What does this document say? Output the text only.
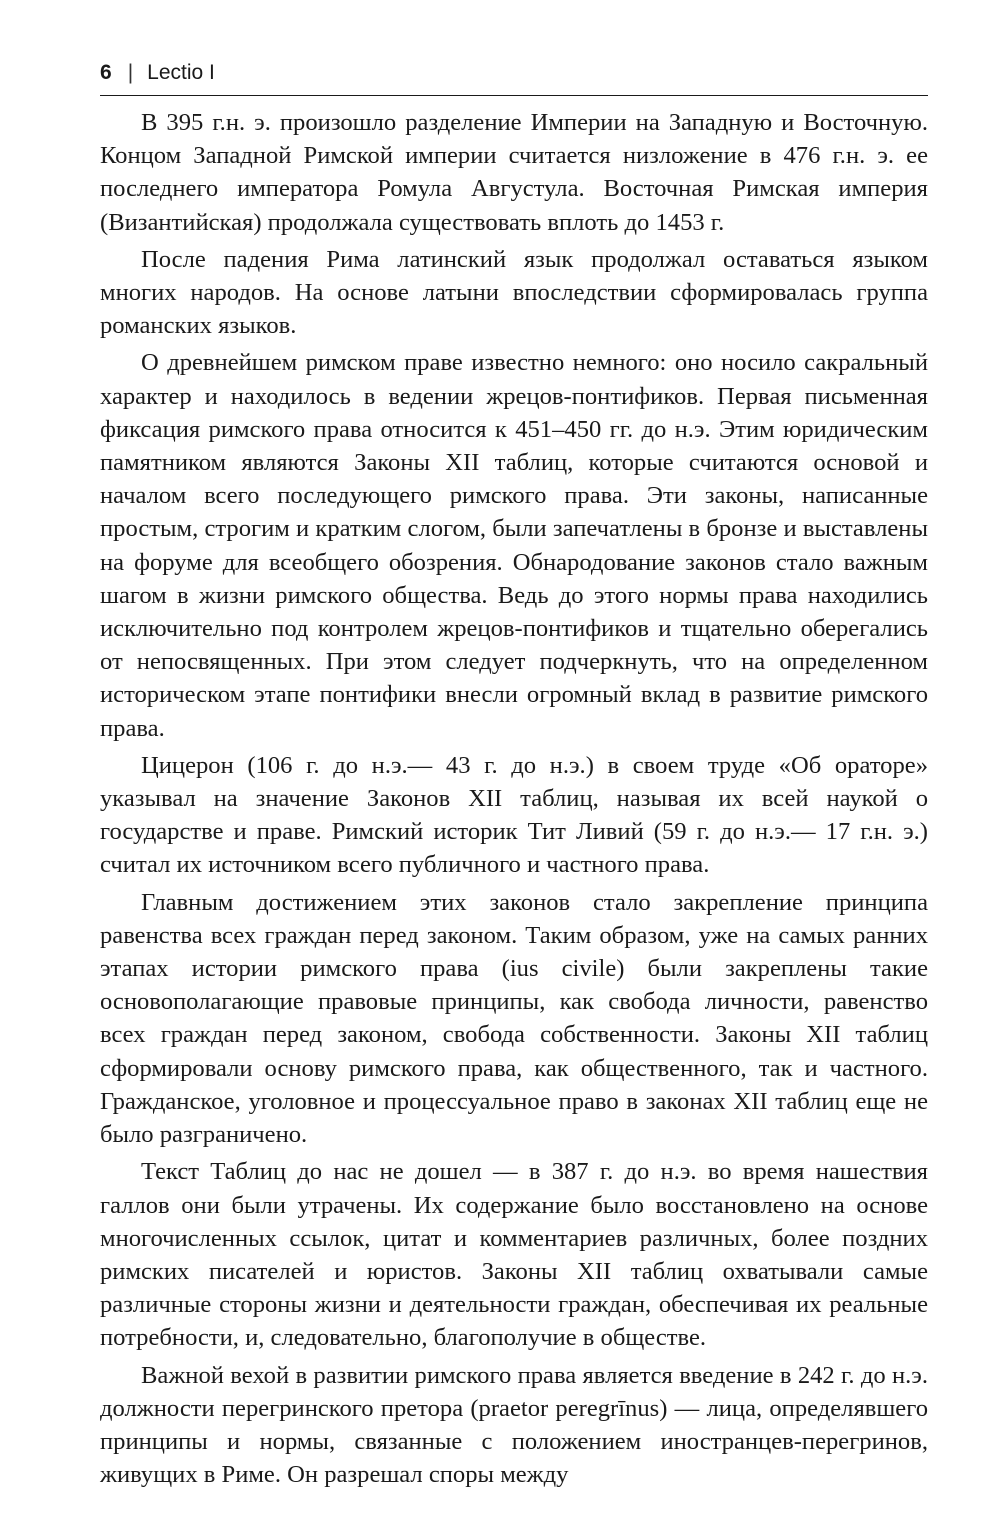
6 | Lectio I

В 395 г.н. э. произошло разделение Империи на Западную и Восточную. Концом Западной Римской империи считается низложение в 476 г.н. э. ее последнего императора Ромула Августула. Восточная Римская империя (Византийская) продолжала существовать вплоть до 1453 г.

После падения Рима латинский язык продолжал оставаться языком многих народов. На основе латыни впоследствии сформировалась группа романских языков.

О древнейшем римском праве известно немного: оно носило сакральный характер и находилось в ведении жрецов-понтификов. Первая письменная фиксация римского права относится к 451–450 гг. до н.э. Этим юридическим памятником являются Законы XII таблиц, которые считаются основой и началом всего последующего римского права. Эти законы, написанные простым, строгим и кратким слогом, были запечатлены в бронзе и выставлены на форуме для всеобщего обозрения. Обнародование законов стало важным шагом в жизни римского общества. Ведь до этого нормы права находились исключительно под контролем жрецов-понтификов и тщательно оберегались от непосвященных. При этом следует подчеркнуть, что на определенном историческом этапе понтифики внесли огромный вклад в развитие римского права.

Цицерон (106 г. до н.э.— 43 г. до н.э.) в своем труде «Об ораторе» указывал на значение Законов XII таблиц, называя их всей наукой о государстве и праве. Римский историк Тит Ливий (59 г. до н.э.— 17 г.н. э.) считал их источником всего публичного и частного права.

Главным достижением этих законов стало закрепление принципа равенства всех граждан перед законом. Таким образом, уже на самых ранних этапах истории римского права (ius civile) были закреплены такие основополагающие правовые принципы, как свобода личности, равенство всех граждан перед законом, свобода собственности. Законы XII таблиц сформировали основу римского права, как общественного, так и частного. Гражданское, уголовное и процессуальное право в законах XII таблиц еще не было разграничено.

Текст Таблиц до нас не дошел — в 387 г. до н.э. во время нашествия галлов они были утрачены. Их содержание было восстановлено на основе многочисленных ссылок, цитат и комментариев различных, более поздних римских писателей и юристов. Законы XII таблиц охватывали самые различные стороны жизни и деятельности граждан, обеспечивая их реальные потребности, и, следовательно, благополучие в обществе.

Важной вехой в развитии римского права является введение в 242 г. до н.э. должности перегринского претора (praetor peregrīnus) — лица, определявшего принципы и нормы, связанные с положением иностранцев-перегринов, живущих в Риме. Он разрешал споры между
